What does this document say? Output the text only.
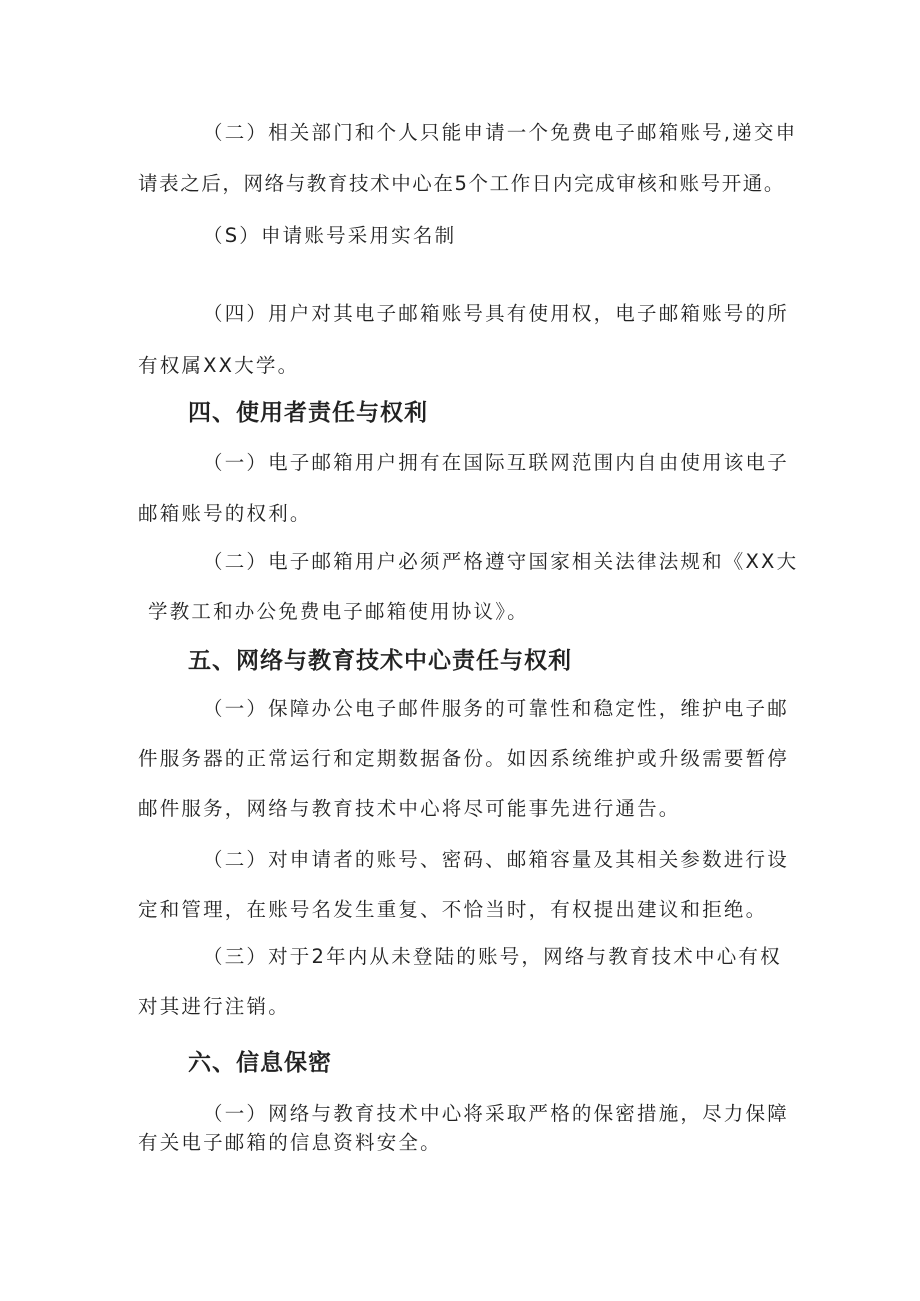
（二）相关部门和个人只能申请一个免费电子邮箱账号,递交申
请表之后，网络与教育技术中心在5个工作日内完成审核和账号开通。
（S）申请账号采用实名制
（四）用户对其电子邮箱账号具有使用权，电子邮箱账号的所
有权属XX大学。
四、使用者责任与权利
（一）电子邮箱用户拥有在国际互联网范围内自由使用该电子
邮箱账号的权利。
（二）电子邮箱用户必须严格遵守国家相关法律法规和《XX大
学教工和办公免费电子邮箱使用协议》。
五、网络与教育技术中心责任与权利
（一）保障办公电子邮件服务的可靠性和稳定性，维护电子邮
件服务器的正常运行和定期数据备份。如因系统维护或升级需要暂停
邮件服务，网络与教育技术中心将尽可能事先进行通告。
（二）对申请者的账号、密码、邮箱容量及其相关参数进行设
定和管理，在账号名发生重复、不恰当时，有权提出建议和拒绝。
（三）对于2年内从未登陆的账号，网络与教育技术中心有权
对其进行注销。
六、信息保密
（一）网络与教育技术中心将采取严格的保密措施，尽力保障
有关电子邮箱的信息资料安全。
